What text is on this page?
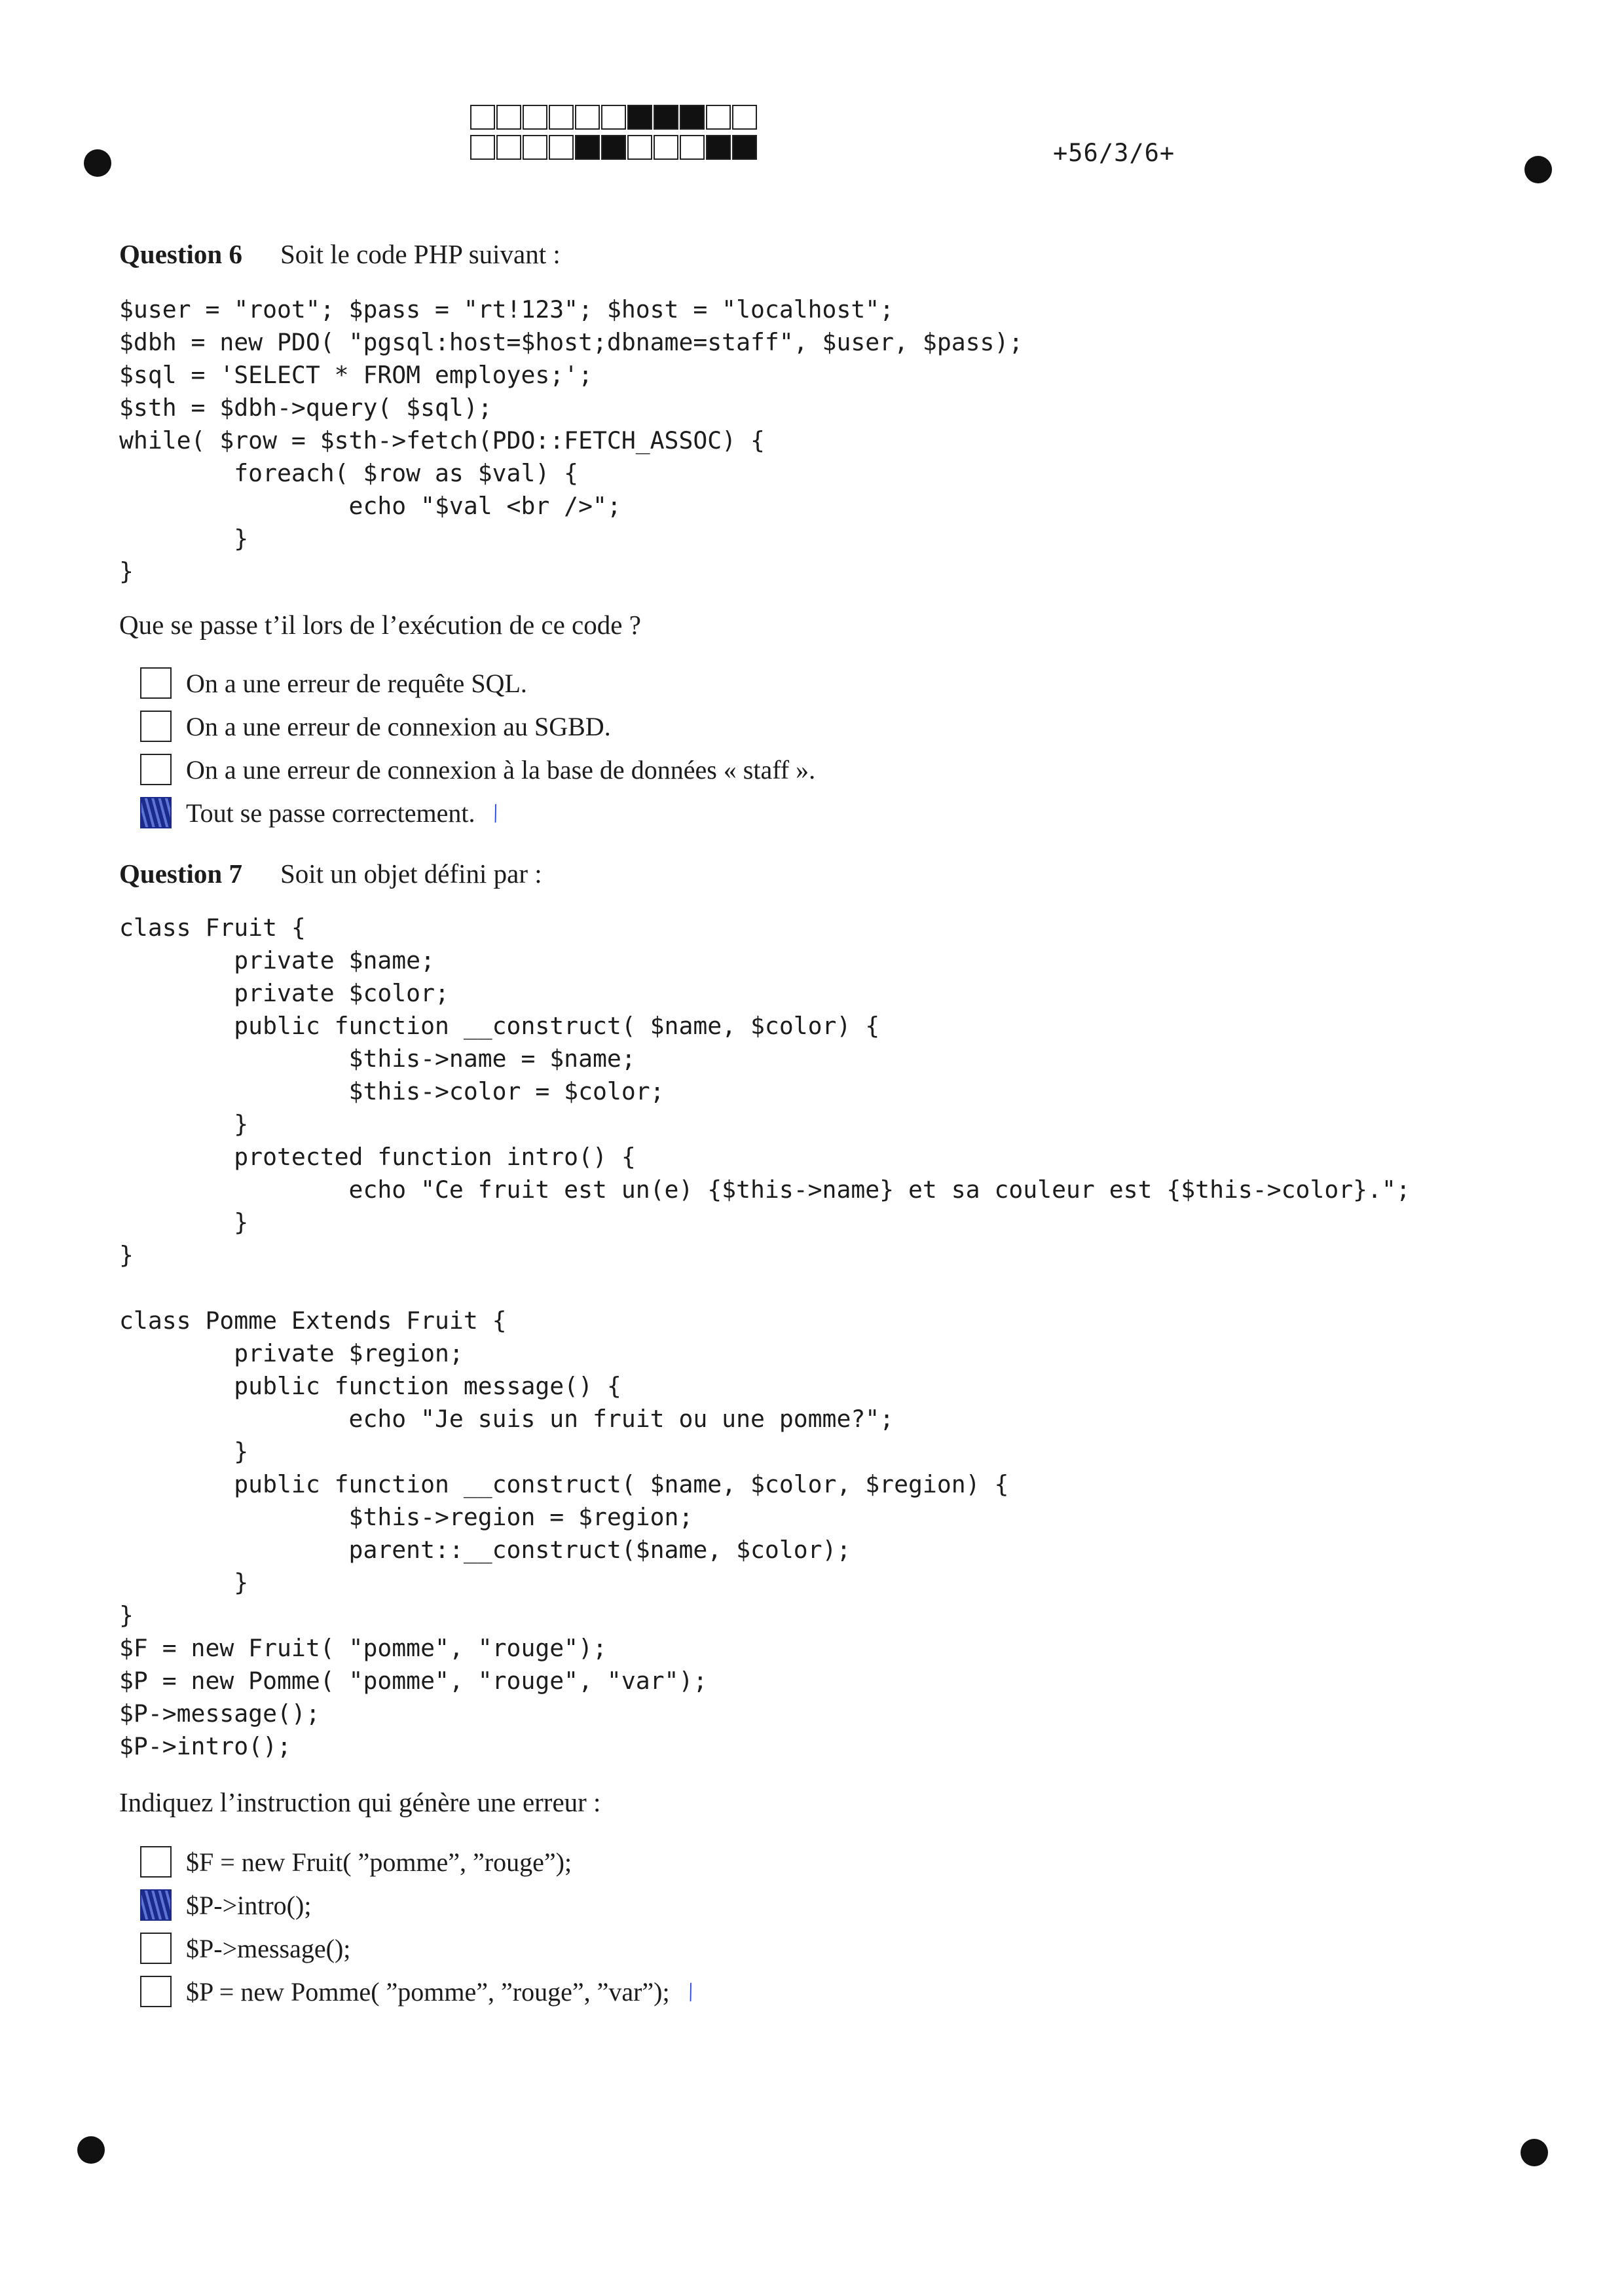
+56/3/6+
Question 6 Soit le code PHP suivant :
$user = "root"; $pass = "rt!123"; $host = "localhost";
$dbh = new PDO( "pgsql:host=$host;dbname=staff", $user, $pass);
$sql = 'SELECT * FROM employes;';
$sth = $dbh->query( $sql);
while( $row = $sth->fetch(PDO::FETCH_ASSOC) {
foreach( $row as $val) {
echo "$val <br />";
}
}
Que se passe t’il lors de l’exécution de ce code ?
On a une erreur de requête SQL.
On a une erreur de connexion au SGBD.
On a une erreur de connexion à la base de données « staff ».
Tout se passe correctement. /
Question 7 Soit un objet défini par :
class Fruit {
private $name;
private $color;
public function __construct( $name, $color) {
$this->name = $name;
$this->color = $color;
}
protected function intro() {
echo "Ce fruit est un(e) {$this->name} et sa couleur est {$this->color}.";
}
}

class Pomme Extends Fruit {
private $region;
public function message() {
echo "Je suis un fruit ou une pomme?";
}
public function __construct( $name, $color, $region) {
$this->region = $region;
parent::__construct($name, $color);
}
}
$F = new Fruit( "pomme", "rouge");
$P = new Pomme( "pomme", "rouge", "var");
$P->message();
$P->intro();
Indiquez l’instruction qui génère une erreur :
$F = new Fruit( ”pomme”, ”rouge”);
$P->intro();
$P->message();
$P = new Pomme( ”pomme”, ”rouge”, ”var”); /
